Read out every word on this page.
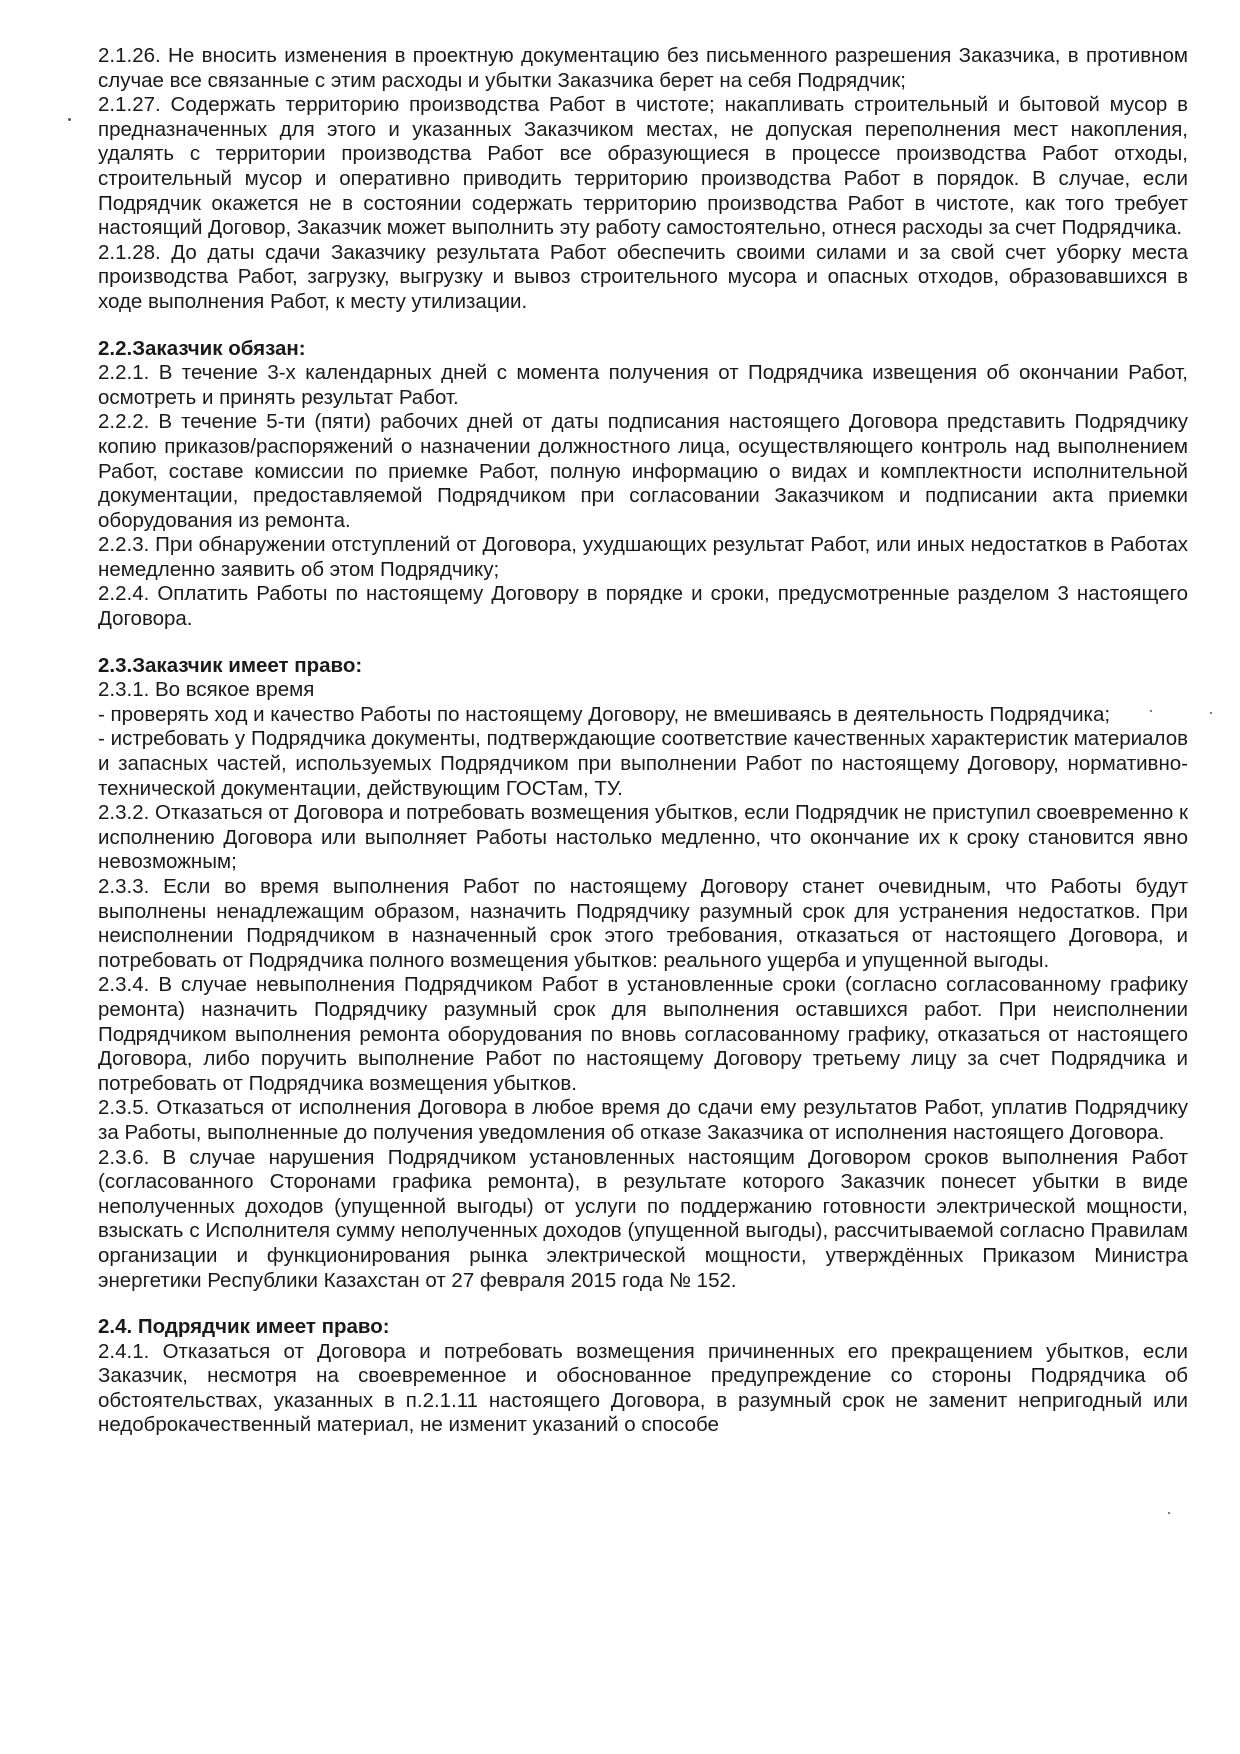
2.1.26. Не вносить изменения в проектную документацию без письменного разрешения Заказчика, в противном случае все связанные с этим расходы и убытки Заказчика берет на себя Подрядчик;

2.1.27. Содержать территорию производства Работ в чистоте; накапливать строительный и бытовой мусор в предназначенных для этого и указанных Заказчиком местах, не допуская переполнения мест накопления, удалять с территории производства Работ все образующиеся в процессе производства Работ отходы, строительный мусор и оперативно приводить территорию производства Работ в порядок. В случае, если Подрядчик окажется не в состоянии содержать территорию производства Работ в чистоте, как того требует настоящий Договор, Заказчик может выполнить эту работу самостоятельно, отнеся расходы за счет Подрядчика.

2.1.28. До даты сдачи Заказчику результата Работ обеспечить своими силами и за свой счет уборку места производства Работ, загрузку, выгрузку и вывоз строительного мусора и опасных отходов, образовавшихся в ходе выполнения Работ, к месту утилизации.

2.2.Заказчик обязан:

2.2.1. В течение 3-х календарных дней с момента получения от Подрядчика извещения об окончании Работ, осмотреть и принять результат Работ.

2.2.2. В течение 5-ти (пяти) рабочих дней от даты подписания настоящего Договора представить Подрядчику копию приказов/распоряжений о назначении должностного лица, осуществляющего контроль над выполнением Работ, составе комиссии по приемке Работ, полную информацию о видах и комплектности исполнительной документации, предоставляемой Подрядчиком при согласовании Заказчиком и подписании акта приемки оборудования из ремонта.

2.2.3. При обнаружении отступлений от Договора, ухудшающих результат Работ, или иных недостатков в Работах немедленно заявить об этом Подрядчику;

2.2.4. Оплатить Работы по настоящему Договору в порядке и сроки, предусмотренные разделом 3 настоящего Договора.

2.3.Заказчик имеет право:

2.3.1. Во всякое время

- проверять ход и качество Работы по настоящему Договору, не вмешиваясь в деятельность Подрядчика;

- истребовать у Подрядчика документы, подтверждающие соответствие качественных характеристик материалов и запасных частей, используемых Подрядчиком при выполнении Работ по настоящему Договору, нормативно-технической документации, действующим ГОСТам, ТУ.

2.3.2. Отказаться от Договора и потребовать возмещения убытков, если Подрядчик не приступил своевременно к исполнению Договора или выполняет Работы настолько медленно, что окончание их к сроку становится явно невозможным;

2.3.3. Если во время выполнения Работ по настоящему Договору станет очевидным, что Работы будут выполнены ненадлежащим образом, назначить Подрядчику разумный срок для устранения недостатков. При неисполнении Подрядчиком в назначенный срок этого требования, отказаться от настоящего Договора, и потребовать от Подрядчика полного возмещения убытков: реального ущерба и упущенной выгоды.

2.3.4. В случае невыполнения Подрядчиком Работ в установленные сроки (согласно согласованному графику ремонта) назначить Подрядчику разумный срок для выполнения оставшихся работ. При неисполнении Подрядчиком выполнения ремонта оборудования по вновь согласованному графику, отказаться от настоящего Договора, либо поручить выполнение Работ по настоящему Договору третьему лицу за счет Подрядчика и потребовать от Подрядчика возмещения убытков.

2.3.5. Отказаться от исполнения Договора в любое время до сдачи ему результатов Работ, уплатив Подрядчику за Работы, выполненные до получения уведомления об отказе Заказчика от исполнения настоящего Договора.

2.3.6. В случае нарушения Подрядчиком установленных настоящим Договором сроков выполнения Работ (согласованного Сторонами графика ремонта), в результате которого Заказчик понесет убытки в виде неполученных доходов (упущенной выгоды) от услуги по поддержанию готовности электрической мощности, взыскать с Исполнителя сумму неполученных доходов (упущенной выгоды), рассчитываемой согласно Правилам организации и функционирования рынка электрической мощности, утверждённых Приказом Министра энергетики Республики Казахстан от 27 февраля 2015 года № 152.

2.4. Подрядчик имеет право:

2.4.1. Отказаться от Договора и потребовать возмещения причиненных его прекращением убытков, если Заказчик, несмотря на своевременное и обоснованное предупреждение со стороны Подрядчика об обстоятельствах, указанных в п.2.1.11 настоящего Договора, в разумный срок не заменит непригодный или недоброкачественный материал, не изменит указаний о способе
